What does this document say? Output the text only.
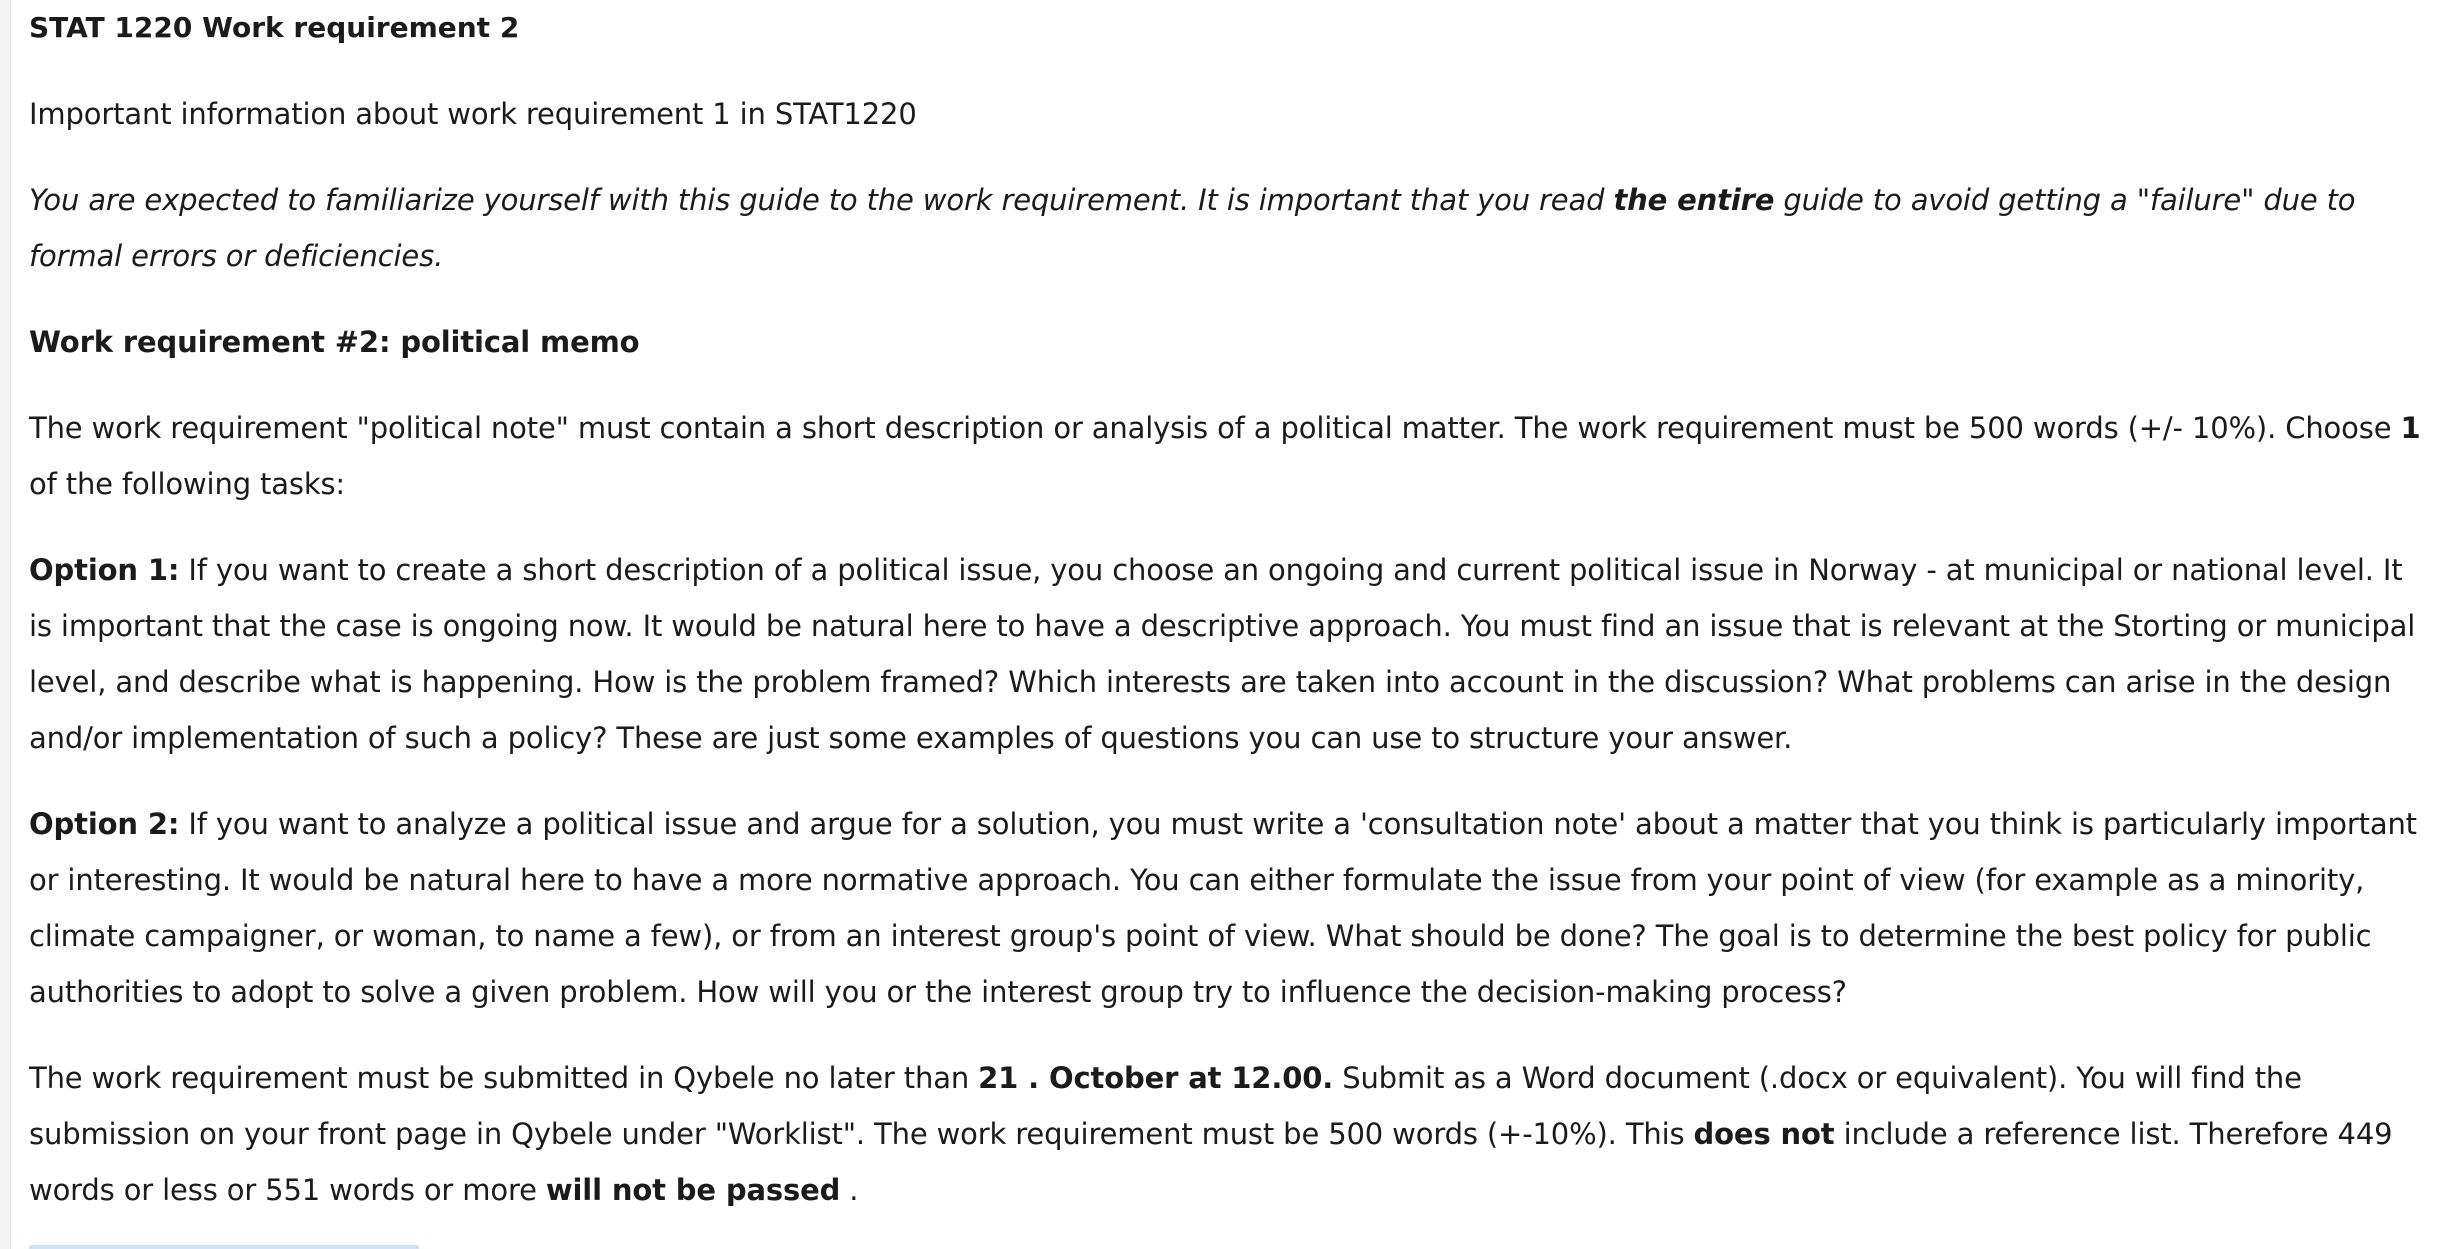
STAT 1220 Work requirement 2

Important information about work requirement 1 in STAT1220

You are expected to familiarize yourself with this guide to the work requirement. It is important that you read the entire guide to avoid getting a "failure" due to formal errors or deficiencies.

Work requirement #2: political memo

The work requirement "political note" must contain a short description or analysis of a political matter. The work requirement must be 500 words (+/- 10%). Choose 1 of the following tasks:

Option 1: If you want to create a short description of a political issue, you choose an ongoing and current political issue in Norway - at municipal or national level. It is important that the case is ongoing now. It would be natural here to have a descriptive approach. You must find an issue that is relevant at the Storting or municipal level, and describe what is happening. How is the problem framed? Which interests are taken into account in the discussion? What problems can arise in the design and/or implementation of such a policy? These are just some examples of questions you can use to structure your answer.

Option 2: If you want to analyze a political issue and argue for a solution, you must write a 'consultation note' about a matter that you think is particularly important or interesting. It would be natural here to have a more normative approach. You can either formulate the issue from your point of view (for example as a minority, climate campaigner, or woman, to name a few), or from an interest group's point of view. What should be done? The goal is to determine the best policy for public authorities to adopt to solve a given problem. How will you or the interest group try to influence the decision-making process?

The work requirement must be submitted in Qybele no later than 21 . October at 12.00. Submit as a Word document (.docx or equivalent). You will find the submission on your front page in Qybele under "Worklist". The work requirement must be 500 words (+-10%). This does not include a reference list. Therefore 449 words or less or 551 words or more will not be passed .
